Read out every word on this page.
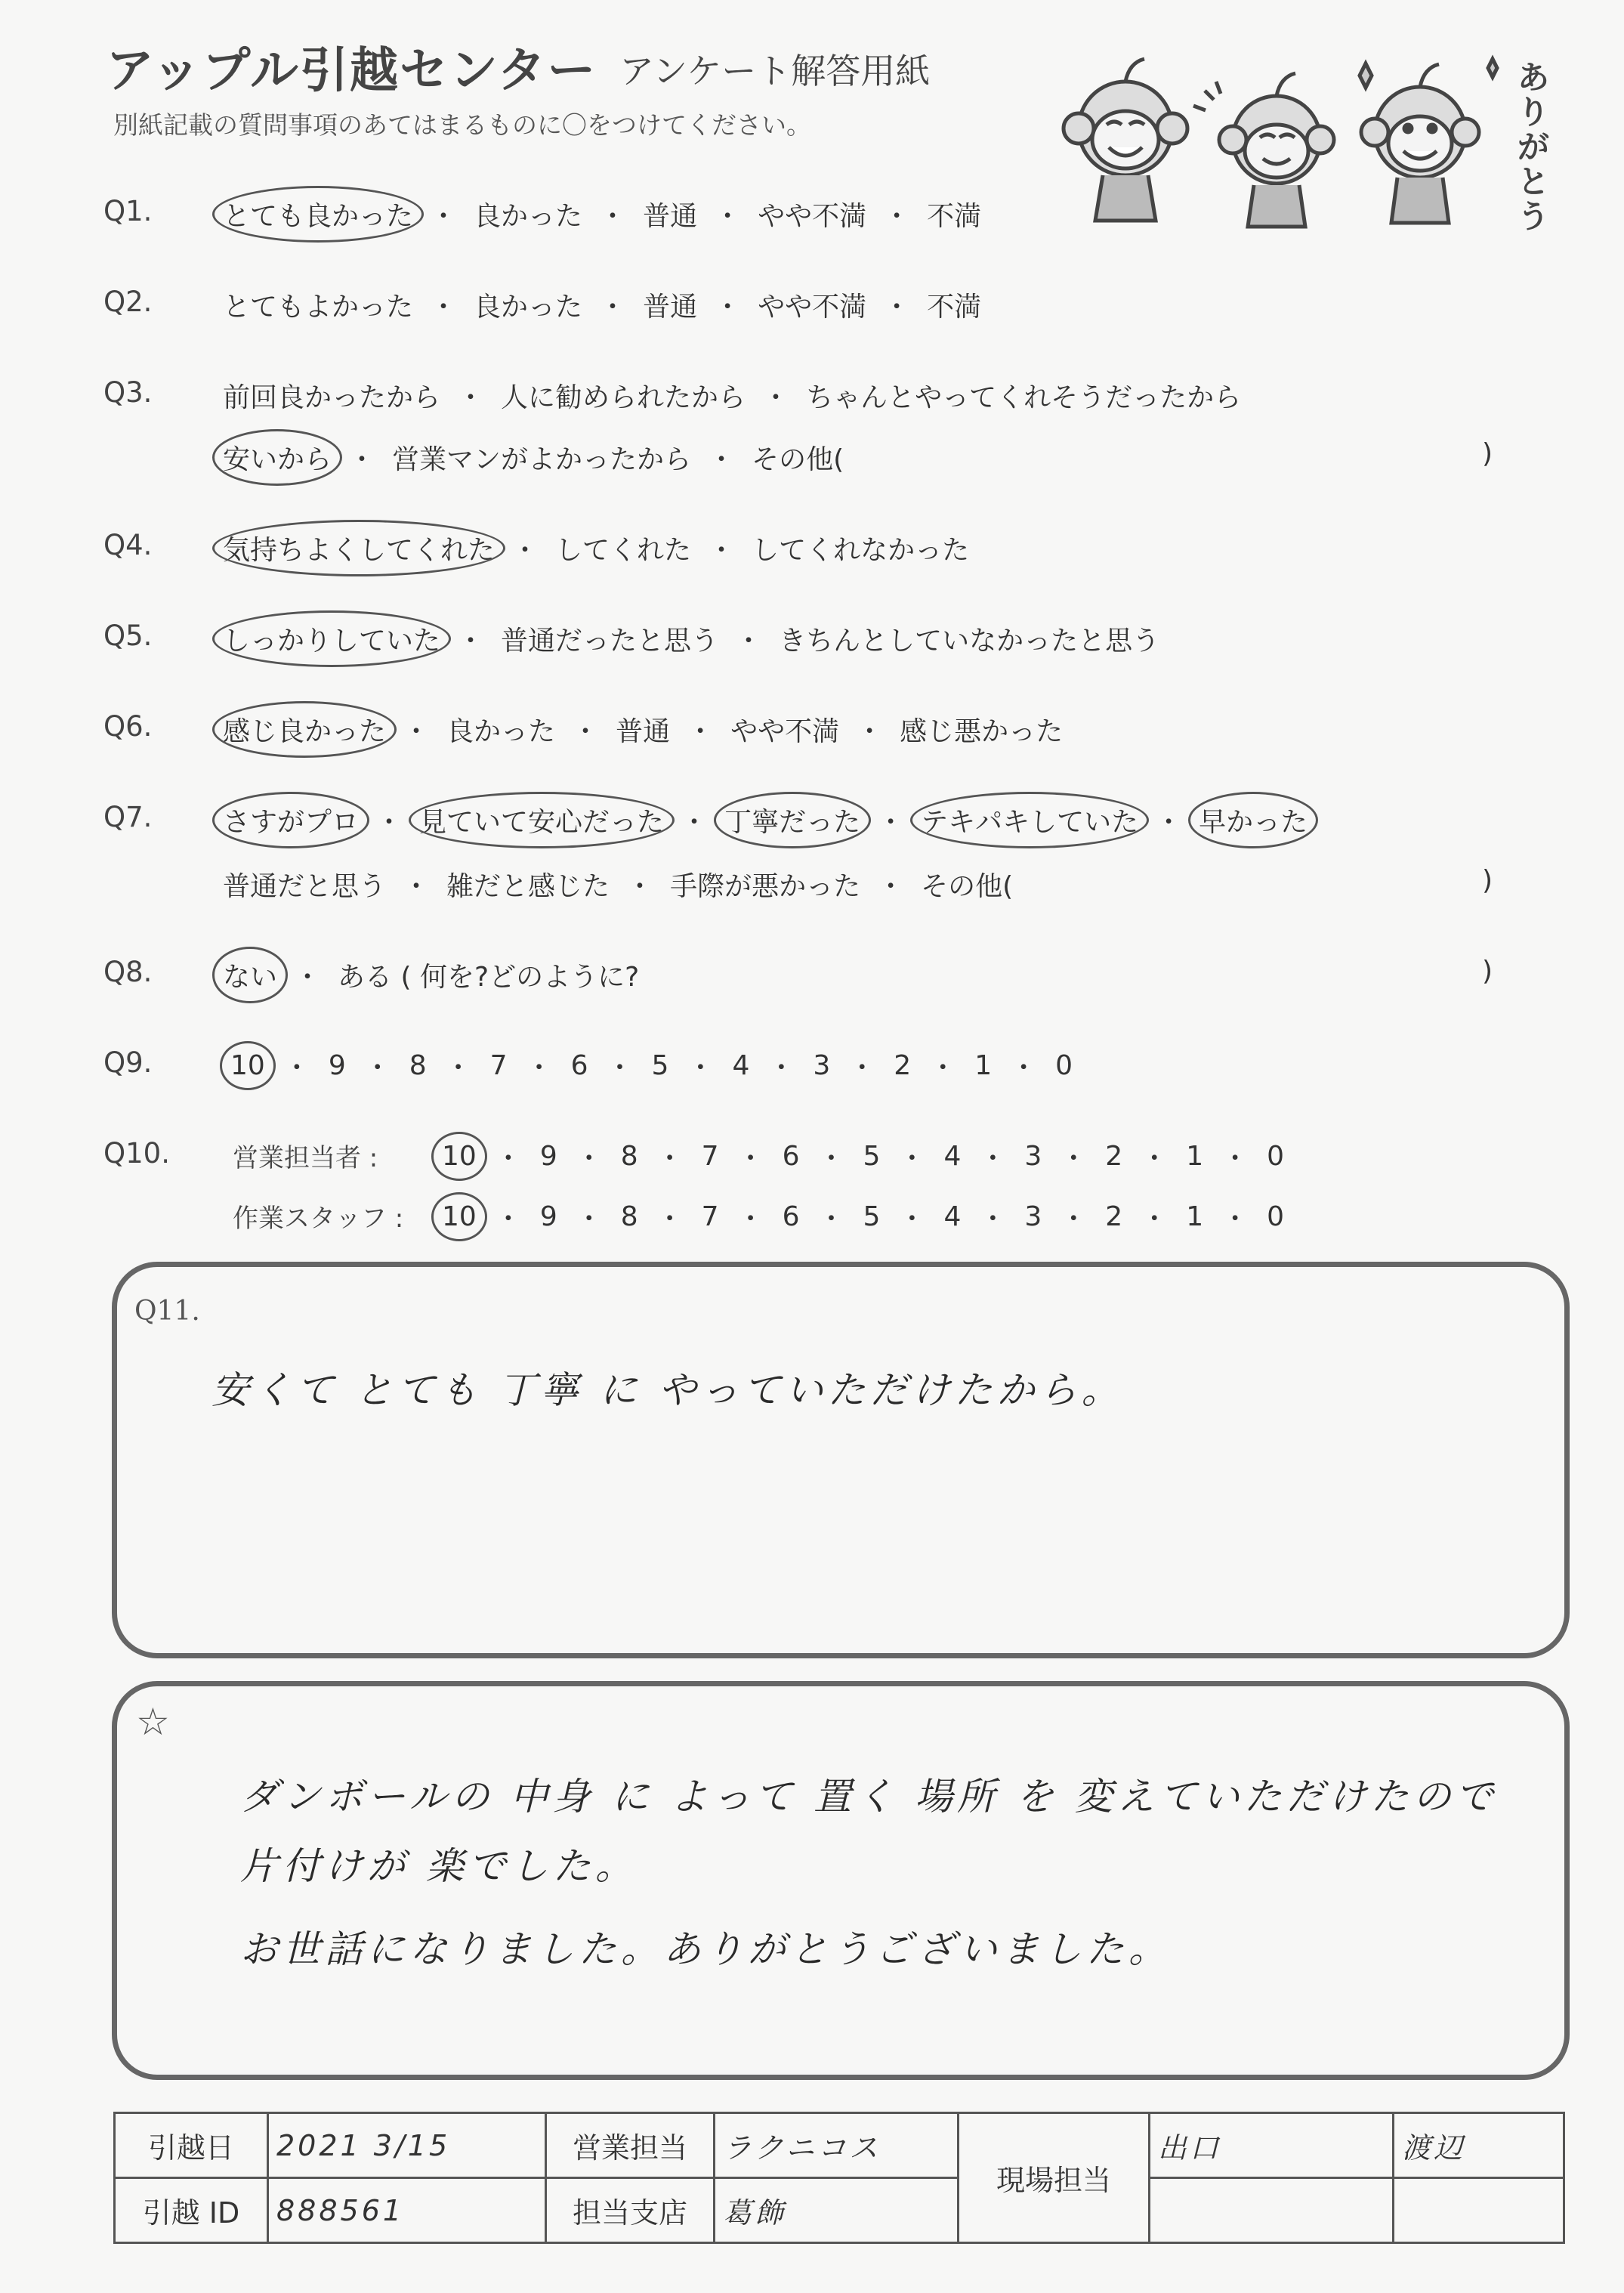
アップル引越センター アンケート解答用紙
別紙記載の質問事項のあてはまるものに〇をつけてください。
ありがとう
Q1.	とても良かった ・ 良かった ・ 普通 ・ やや不満 ・ 不満
Q2.	とてもよかった ・ 良かった ・ 普通 ・ やや不満 ・ 不満
Q3.	前回良かったから ・ 人に勧められたから ・ ちゃんとやってくれそうだったから
安いから ・ 営業マンがよかったから ・ その他(	)
Q4.	気持ちよくしてくれた ・ してくれた ・ してくれなかった
Q5.	しっかりしていた ・ 普通だったと思う ・ きちんとしていなかったと思う
Q6.	感じ良かった ・ 良かった ・ 普通 ・ やや不満 ・ 感じ悪かった
Q7.	さすがプロ ・ 見ていて安心だった ・ 丁寧だった ・ テキパキしていた ・ 早かった
普通だと思う ・ 雑だと感じた ・ 手際が悪かった ・ その他(	)
Q8.	ない ・ ある ( 何を?どのように?	)
Q9.	10 ・ 9 ・ 8 ・ 7 ・ 6 ・ 5 ・ 4 ・ 3 ・ 2 ・ 1 ・ 0
Q10. 営業担当者 : 10 ・ 9 ・ 8 ・ 7 ・ 6 ・ 5 ・ 4 ・ 3 ・ 2 ・ 1 ・ 0
作業スタッフ : 10 ・ 9 ・ 8 ・ 7 ・ 6 ・ 5 ・ 4 ・ 3 ・ 2 ・ 1 ・ 0
Q11.
安くて とても 丁寧 に やっていただけたから。
☆
ダンボールの 中身 に よって 置く 場所 を 変えていただけたので
片付けが 楽でした。
お世話になりました。ありがとうございました。
引越日	2021 3/15	営業担当	ラクニコス	現場担当	出口	渡辺
引越 ID	888561	担当支店	葛飾			
